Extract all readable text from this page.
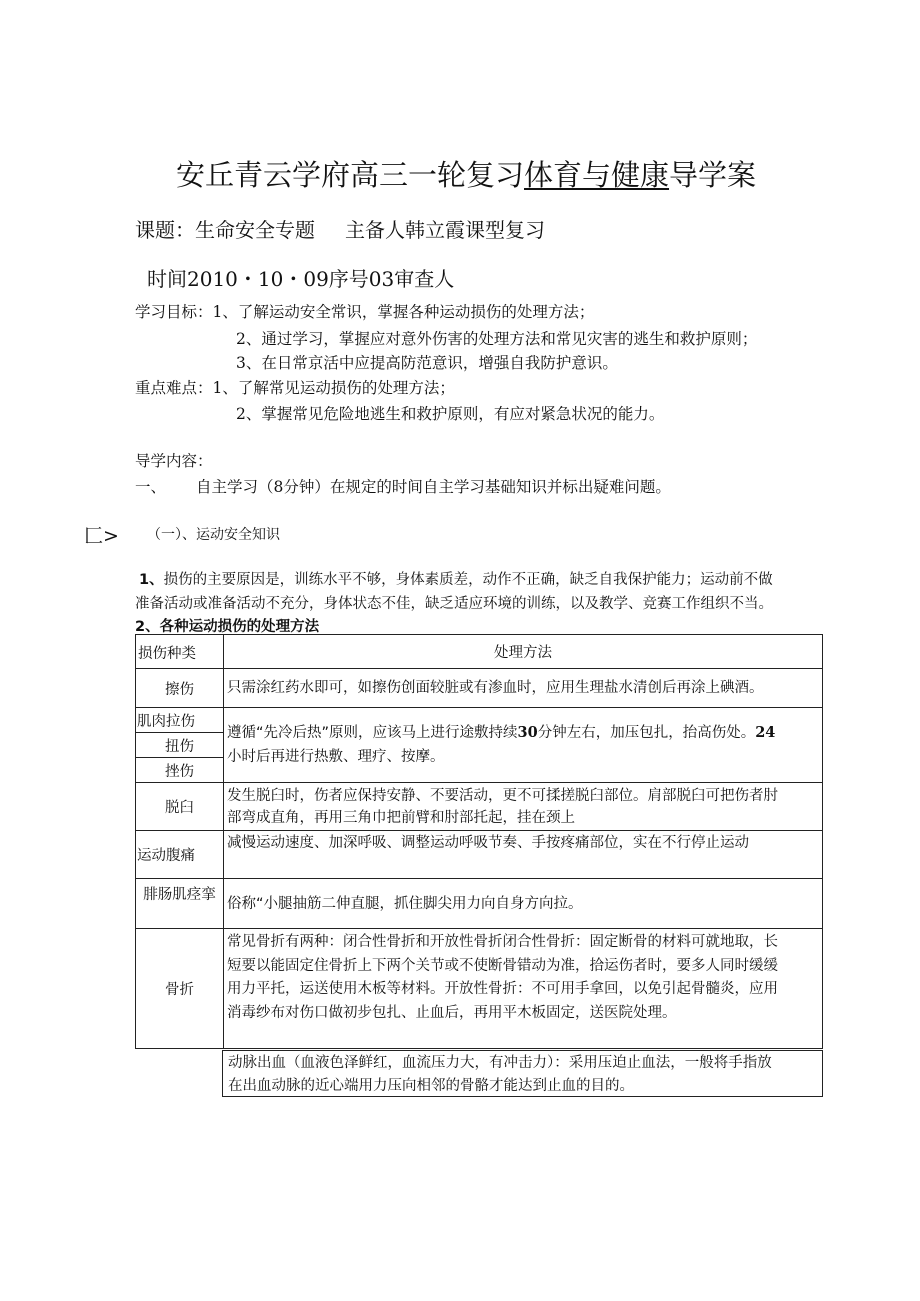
安丘青云学府高三一轮复习体育与健康导学案
课题：生命安全专题 主备人韩立霞课型复习
时间2010・10・09序号03审查人
学习目标：1、了解运动安全常识，掌握各种运动损伤的处理方法；
2、通过学习，掌握应对意外伤害的处理方法和常见灾害的逃生和救护原则；
3、在日常京活中应提高防范意识，增强自我防护意识。
重点难点：1、了解常见运动损伤的处理方法；
2、掌握常见危险地逃生和救护原则，有应对紧急状况的能力。
导学内容：
一、 自主学习（8分钟）在规定的时间自主学习基础知识并标出疑难问题。
匚> （一）、运动安全知识
1、损伤的主要原因是，训练水平不够，身体素质差，动作不正确，缺乏自我保护能力；运动前不做
准备活动或准备活动不充分，身体状态不佳，缺乏适应环境的训练，以及教学、竞赛工作组织不当。
2、各种运动损伤的处理方法
损伤种类	处理方法
擦伤	只需涂红药水即可，如擦伤创面较脏或有渗血时，应用生理盐水清创后再涂上碘酒。
肌肉拉伤	遵循“先冷后热”原则，应该马上进行途敷持续30分钟左右，加压包扎，抬高伤处。24
小时后再进行热敷、理疗、按摩。
扭伤	
挫伤	
脱臼	发生脱臼时，伤者应保持安静、不要活动，更不可揉搓脱臼部位。肩部脱臼可把伤者肘
部弯成直角，再用三角巾把前臂和肘部托起，挂在颈上
运动腹痛	减慢运动速度、加深呼吸、调整运动呼吸节奏、手按疼痛部位，实在不行停止运动
腓肠肌痉挛	俗称“小腿抽筋二伸直腿，抓住脚尖用力向自身方向拉。
骨折	常见骨折有两种：闭合性骨折和开放性骨折闭合性骨折：固定断骨的材料可就地取，长
短要以能固定住骨折上下两个关节或不使断骨错动为准，拾运伤者时，要多人同时缓缓
用力平托，运送使用木板等材料。开放性骨折：不可用手拿回，以免引起骨髓炎，应用
消毒纱布对伤口做初步包扎、止血后，再用平木板固定，送医院处理。
动脉出血（血液色泽鲜红，血流压力大，有冲击力）：采用压迫止血法，一般将手指放
在出血动脉的近心端用力压向相邻的骨骼才能达到止血的目的。
